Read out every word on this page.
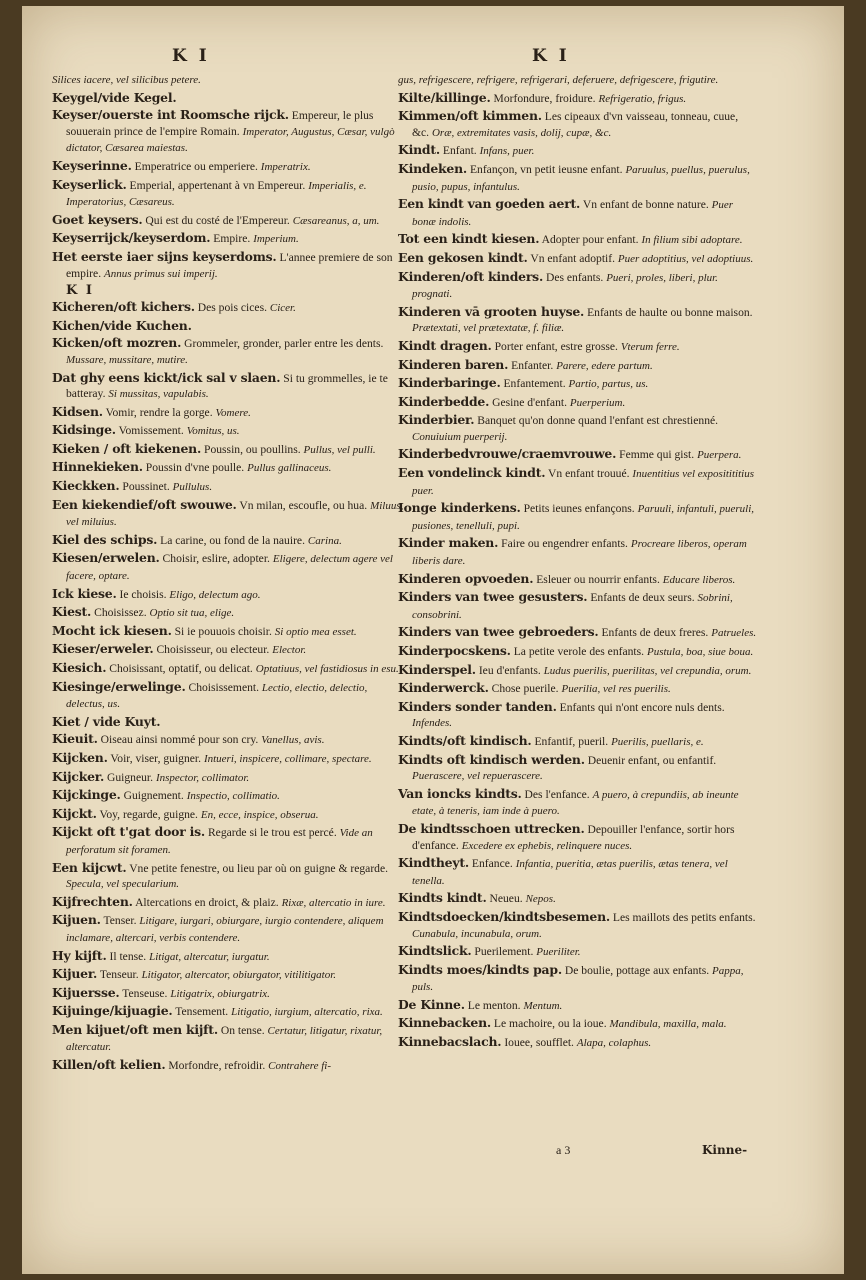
K I	K I
Silices iacere, vel silicibus petere.
Keygel/vide Kegel.
Keyser/ouerste int Roomsche rijck. Empereur, le plus souuerain prince de l'empire Romain. Imperator, Augustus, Cæsar, vulgò dictator, Cæsarea maiestas.
Keyserinne. Emperatrice ou emperiere. Imperatrix.
Keyserlick. Emperial, appertenant à vn Empereur. Imperialis, e. Imperatorius, Cæsareus.
Goet keysers. Qui est du costé de l'Empereur. Cæsareanus, a, um.
Keyserrijck/keyserdom. Empire. Imperium.
Het eerste iaer sijns keyserdoms. L'annee premiere de son empire. Annus primus sui imperij.
K I
Kicheren/oft kichers. Des pois cices. Cicer.
Kichen/vide Kuchen.
Kicken/oft mozren. Grommeler, gronder, parler entre les dents. Mussare, mussitare, mutire.
Dat ghy eens kickt/ick sal v slaen. Si tu grommelles, ie te batteray. Si mussitas, vapulabis.
Kidsen. Vomir, rendre la gorge. Vomere.
Kidsinge. Vomissement. Vomitus, us.
Kieken / oft kiekenen. Poussin, ou poullins. Pullus, vel pulli.
Hinnekieken. Poussin d'vne poulle. Pullus gallinaceus.
Kieckken. Poussinet. Pullulus.
Een kiekendief/oft swouwe. Vn milan, escoufle, ou hua. Miluus, vel miluius.
Kiel des schips. La carine, ou fond de la nauire. Carina.
Kiesen/erwelen. Choisir, eslire, adopter. Eligere, delectum agere vel facere, optare.
Ick kiese. Ie choisis. Eligo, delectum ago.
Kiest. Choisissez. Optio sit tua, elige.
Mocht ick kiesen. Si ie pouuois choisir. Si optio mea esset.
Kieser/erweler. Choisisseur, ou electeur. Elector.
Kiesich. Choisissant, optatif, ou delicat. Optatiuus, vel fastidiosus in esu.
Kiesinge/erwelinge. Choisissement. Lectio, electio, delectio, delectus, us.
Kiet / vide Kuyt.
Kieuit. Oiseau ainsi nommé pour son cry. Vanellus, avis.
Kijcken. Voir, viser, guigner. Intueri, inspicere, collimare, spectare.
Kijcker. Guigneur. Inspector, collimator.
Kijckinge. Guignement. Inspectio, collimatio.
Kijckt. Voy, regarde, guigne. En, ecce, inspice, obserua.
Kijckt oft t'gat door is. Regarde si le trou est percé. Vide an perforatum sit foramen.
Een kijcwt. Vne petite fenestre, ou lieu par où on guigne & regarde. Specula, vel specularium.
Kijfrechten. Altercations en droict, & plaiz. Rixæ, altercatio in iure.
Kijuen. Tenser. Litigare, iurgari, obiurgare, iurgio contendere, aliquem inclamare, altercari, verbis contendere.
Hy kijft. Il tense. Litigat, altercatur, iurgatur.
Kijuer. Tenseur. Litigator, altercator, obiurgator, vitilitigator.
Kijuersse. Tenseuse. Litigatrix, obiurgatrix.
Kijuinge/kijuagie. Tensement. Litigatio, iurgium, altercatio, rixa.
Men kijuet/oft men kijft. On tense. Certatur, litigatur, rixatur, altercatur.
Killen/oft kelien. Morfondre, refroidir. Contrahere fi-
gus, refrigescere, refrigere, refrigerari, deferuere, defrigescere, frigutire.
Kilte/killinge. Morfondure, froidure. Refrigeratio, frigus.
Kimmen/oft kimmen. Les cipeaux d'vn vaisseau, tonneau, cuue, &c. Oræ, extremitates vasis, dolij, cupæ, &c.
Kindt. Enfant. Infans, puer.
Kindeken. Enfançon, vn petit ieusne enfant. Paruulus, puellus, puerulus, pusio, pupus, infantulus.
Een kindt van goeden aert. Vn enfant de bonne nature. Puer bonæ indolis.
Tot een kindt kiesen. Adopter pour enfant. In filium sibi adoptare.
Een gekosen kindt. Vn enfant adoptif. Puer adoptitius, vel adoptiuus.
Kinderen/oft kinders. Des enfants. Pueri, proles, liberi, plur. prognati.
Kinderen vā grooten huyse. Enfants de haulte ou bonne maison. Prætextati, vel prætextatæ, f. filiæ.
Kindt dragen. Porter enfant, estre grosse. Vterum ferre.
Kinderen baren. Enfanter. Parere, edere partum.
Kinderbaringe. Enfantement. Partio, partus, us.
Kinderbedde. Gesine d'enfant. Puerperium.
Kinderbier. Banquet qu'on donne quand l'enfant est chrestienné. Conuiuium puerperij.
Kinderbedvrouwe/craemvrouwe. Femme qui gist. Puerpera.
Een vondelinck kindt. Vn enfant trouué. Inuentitius vel expositititius puer.
Ionge kinderkens. Petits ieunes enfançons. Paruuli, infantuli, pueruli, pusiones, tenelluli, pupi.
Kinder maken. Faire ou engendrer enfants. Procreare liberos, operam liberis dare.
Kinderen opvoeden. Esleuer ou nourrir enfants. Educare liberos.
Kinders van twee gesusters. Enfants de deux seurs. Sobrini, consobrini.
Kinders van twee gebroeders. Enfants de deux freres. Patrueles.
Kinderpocskens. La petite verole des enfants. Pustula, boa, siue boua.
Kinderspel. Ieu d'enfants. Ludus puerilis, puerilitas, vel crepundia, orum.
Kinderwerck. Chose puerile. Puerilia, vel res puerilis.
Kinders sonder tanden. Enfants qui n'ont encore nuls dents. Infendes.
Kindts/oft kindisch. Enfantif, pueril. Puerilis, puellaris, e.
Kindts oft kindisch werden. Deuenir enfant, ou enfantif. Puerascere, vel repuerascere.
Van ioncks kindts. Des l'enfance. A puero, à crepundiis, ab ineunte etate, à teneris, iam inde à puero.
De kindtsschoen uttrecken. Depouiller l'enfance, sortir hors d'enfance. Excedere ex ephebis, relinquere nuces.
Kindtheyt. Enfance. Infantia, pueritia, ætas puerilis, ætas tenera, vel tenella.
Kindts kindt. Neueu. Nepos.
Kindtsdoecken/kindtsbesemen. Les maillots des petits enfants. Cunabula, incunabula, orum.
Kindtslick. Puerilement. Pueriliter.
Kindts moes/kindts pap. De boulie, pottage aux enfants. Pappa, puls.
De Kinne. Le menton. Mentum.
Kinnebacken. Le machoire, ou la ioue. Mandibula, maxilla, mala.
Kinnebacslach. Iouee, soufflet. Alapa, colaphus.
a 3	Kinne-
